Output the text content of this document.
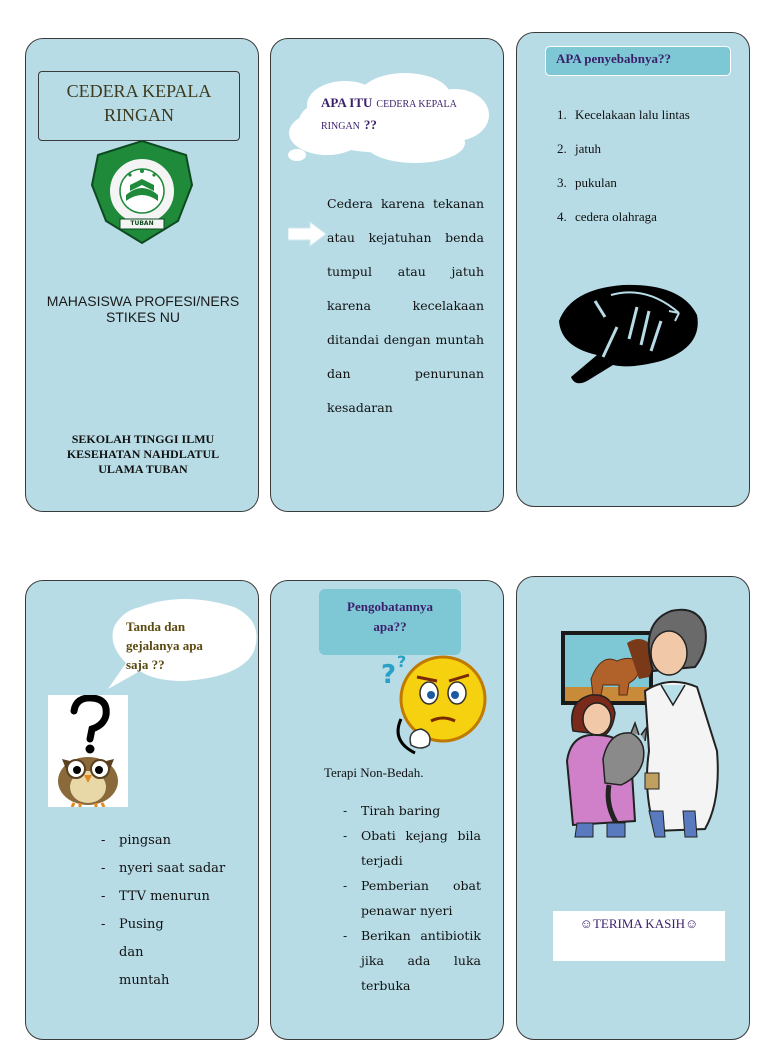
CEDERA KEPALA
RINGAN
TUBAN
MAHASISWA PROFESI/NERS STIKES NU
SEKOLAH TINGGI ILMU KESEHATAN NAHDLATUL ULAMA TUBAN
APA ITU CEDERA KEPALA RINGAN ??
Cedera karena tekanan atau kejatuhan benda tumpul atau jatuh karena kecelakaan ditandai dengan muntah dan penurunan kesadaran
APA penyebabnya??
1. Kecelakaan lalu lintas
2. jatuh
3. pukulan
4. cedera olahraga
Tanda dan gejalanya apa saja ??
- pingsan
- nyeri saat sadar
- TTV menurun
- Pusing dan muntah
Pengobatannya apa??
? ?
Terapi Non-Bedah.
- Tirah baring
- Obati kejang bila terjadi
- Pemberian obat penawar nyeri
- Berikan antibiotik jika ada luka terbuka
☺TERIMA KASIH☺
